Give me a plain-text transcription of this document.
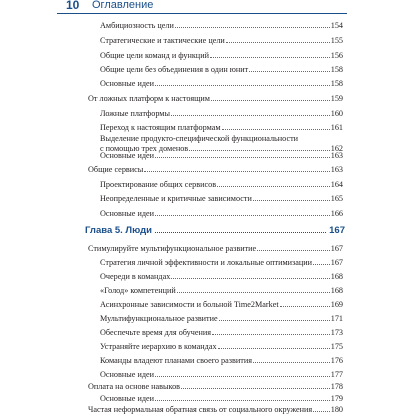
10 Оглавление
Амбициозность цели	154
Стратегические и тактические цели	155
Общие цели команд и функций	156
Общие цели без объединения в один юнит	158
Основные идеи	158
От ложных платформ к настоящим	159
Ложные платформы	160
Переход к настоящим платформам	161
Выделение продукто-специфической функциональности
с помощью трех доменов	162
Основные идеи	163
Общие сервисы	163
Проектирование общих сервисов	164
Неопределенные и критичные зависимости	165
Основные идеи	166
Глава 5. Люди	167
Стимулируйте мультифункциональное развитие	167
Стратегия личной эффективности и локальные оптимизации 167
Очереди в командах	168
«Голод» компетенций	168
Асинхронные зависимости и больной Time2Market	169
Мультифункциональное развитие	171
Обеспечьте время для обучения	173
Устраняйте иерархию в командах	175
Команды владеют планами своего развития	176
Основные идеи	177
Оплата на основе навыков	178
Основные идеи	179
Частая неформальная обратная связь от социального окружения 180
